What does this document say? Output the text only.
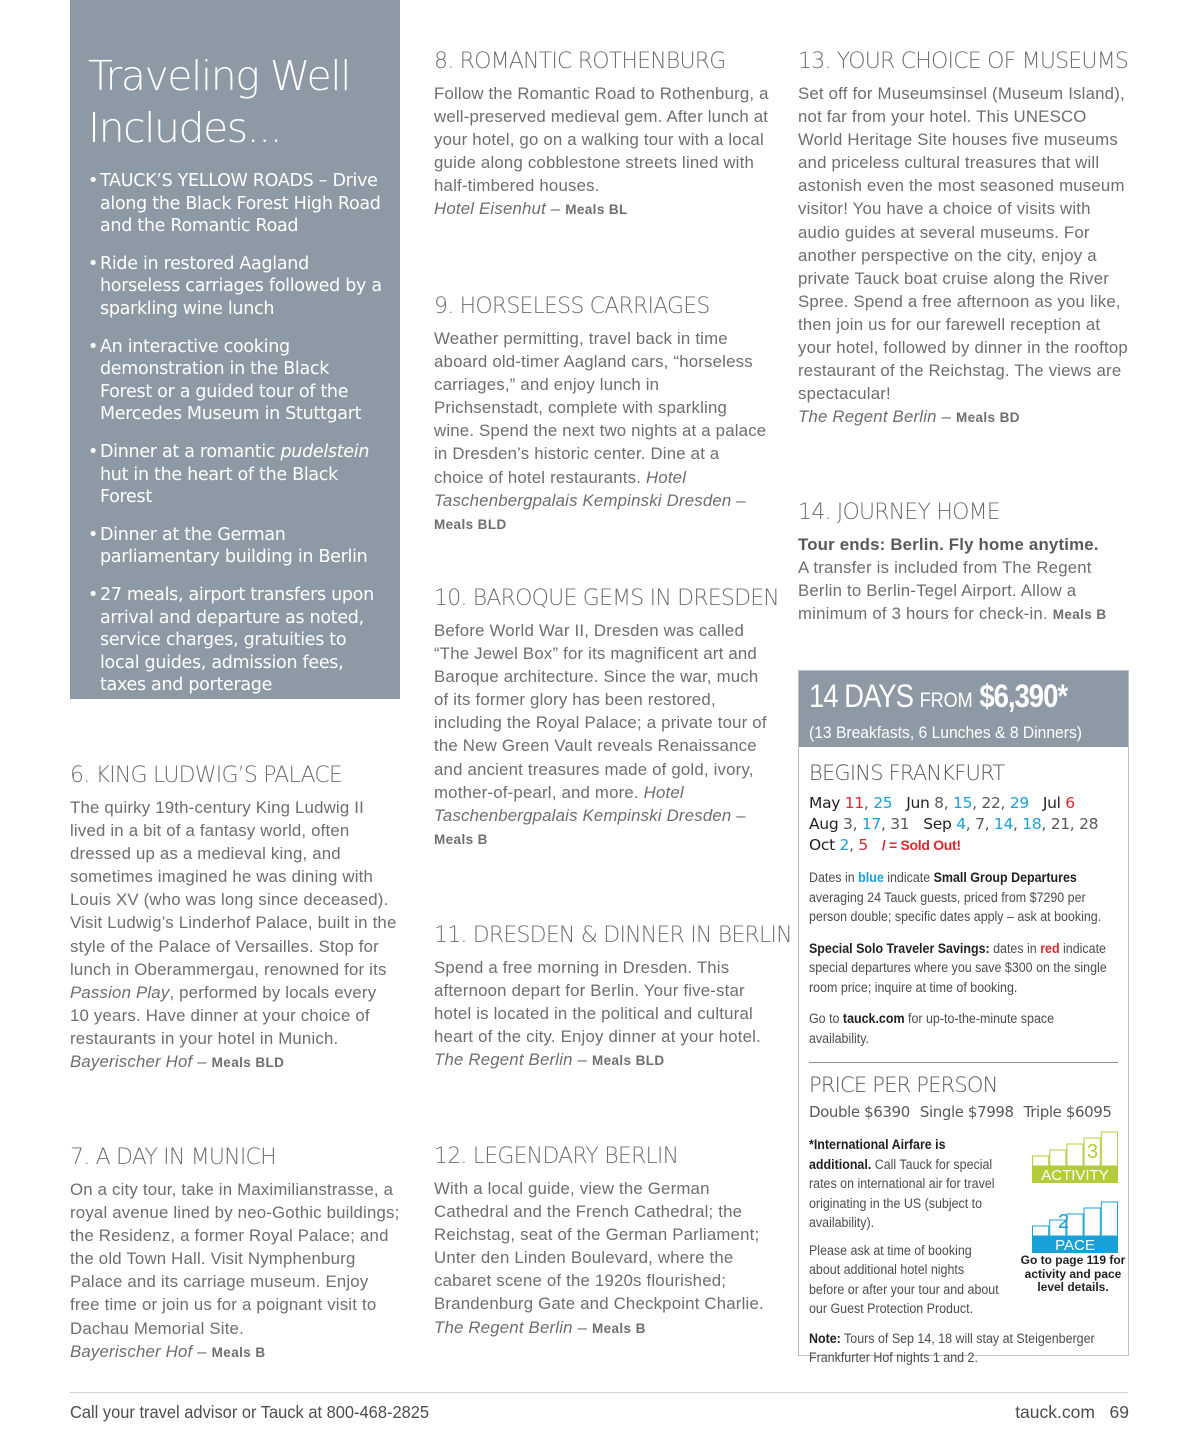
Traveling Well
Includes...
• TAUCK’S YELLOW ROADS – Drive along the Black Forest High Road and the Romantic Road
• Ride in restored Aagland horseless carriages followed by a sparkling wine lunch
• An interactive cooking demonstration in the Black Forest or a guided tour of the Mercedes Museum in Stuttgart
• Dinner at a romantic pudelstein hut in the heart of the Black Forest
• Dinner at the German parliamentary building in Berlin
• 27 meals, airport transfers upon arrival and departure as noted, service charges, gratuities to local guides, admission fees, taxes and porterage
6. KING LUDWIG’S PALACE

The quirky 19th-century King Ludwig II lived in a bit of a fantasy world, often dressed up as a medieval king, and sometimes imagined he was dining with Louis XV (who was long since deceased). Visit Ludwig’s Linderhof Palace, built in the style of the Palace of Versailles. Stop for lunch in Oberammergau, renowned for its Passion Play, performed by locals every 10 years. Have dinner at your choice of restaurants in your hotel in Munich.
Bayerischer Hof – Meals BLD

7. A DAY IN MUNICH

On a city tour, take in Maximilianstrasse, a royal avenue lined by neo-Gothic buildings; the Residenz, a former Royal Palace; and the old Town Hall. Visit Nymphenburg Palace and its carriage museum. Enjoy free time or join us for a poignant visit to Dachau Memorial Site.
Bayerischer Hof – Meals B

8. ROMANTIC ROTHENBURG

Follow the Romantic Road to Rothenburg, a well-preserved medieval gem. After lunch at your hotel, go on a walking tour with a local guide along cobblestone streets lined with half-timbered houses.
Hotel Eisenhut – Meals BL

9. HORSELESS CARRIAGES

Weather permitting, travel back in time aboard old-timer Aagland cars, “horseless carriages,” and enjoy lunch in Prichsenstadt, complete with sparkling wine. Spend the next two nights at a palace in Dresden’s historic center. Dine at a choice of hotel restaurants. Hotel Taschenbergpalais Kempinski Dresden – Meals BLD

10. BAROQUE GEMS IN DRESDEN

Before World War II, Dresden was called “The Jewel Box” for its magnificent art and Baroque architecture. Since the war, much of its former glory has been restored, including the Royal Palace; a private tour of the New Green Vault reveals Renaissance and ancient treasures made of gold, ivory, mother-of-pearl, and more. Hotel Taschenbergpalais Kempinski Dresden – Meals B

11. DRESDEN & DINNER IN BERLIN

Spend a free morning in Dresden. This afternoon depart for Berlin. Your five-star hotel is located in the political and cultural heart of the city. Enjoy dinner at your hotel.
The Regent Berlin – Meals BLD

12. LEGENDARY BERLIN

With a local guide, view the German Cathedral and the French Cathedral; the Reichstag, seat of the German Parliament; Unter den Linden Boulevard, where the cabaret scene of the 1920s flourished; Brandenburg Gate and Checkpoint Charlie.
The Regent Berlin – Meals B

13. YOUR CHOICE OF MUSEUMS

Set off for Museumsinsel (Museum Island), not far from your hotel. This UNESCO World Heritage Site houses five museums and priceless cultural treasures that will astonish even the most seasoned museum visitor! You have a choice of visits with audio guides at several museums. For another perspective on the city, enjoy a private Tauck boat cruise along the River Spree. Spend a free afternoon as you like, then join us for our farewell reception at your hotel, followed by dinner in the rooftop restaurant of the Reichstag. The views are spectacular!
The Regent Berlin – Meals BD

14. JOURNEY HOME

Tour ends: Berlin. Fly home anytime.

A transfer is included from The Regent Berlin to Berlin-Tegel Airport. Allow a minimum of 3 hours for check-in. Meals B

14 DAYS FROM $6,390*
(13 Breakfasts, 6 Lunches & 8 Dinners)
BEGINS FRANKFURT
May 11, 25 Jun 8, 15, 22, 29 Jul 6
Aug 3, 17, 31 Sep 4, 7, 14, 18, 21, 28
Oct 2, 5 / = Sold Out!
Dates in blue indicate Small Group Departures averaging 24 Tauck guests, priced from $7290 per person double; specific dates apply – ask at booking.
Special Solo Traveler Savings: dates in red indicate special departures where you save $300 on the single room price; inquire at time of booking.
Go to tauck.com for up-to-the-minute space availability.
PRICE PER PERSON
Double $6390 Single $7998 Triple $6095
*International Airfare is additional. Call Tauck for special rates on international air for travel originating in the US (subject to availability).
Please ask at time of booking about additional hotel nights before or after your tour and about our Guest Protection Product.
Note: Tours of Sep 14, 18 will stay at Steigenberger Frankfurter Hof nights 1 and 2.
3
ACTIVITY
2
PACE
Go to page 119 for activity and pace level details.
Call your travel advisor or Tauck at 800-468-2825	tauck.com   69
